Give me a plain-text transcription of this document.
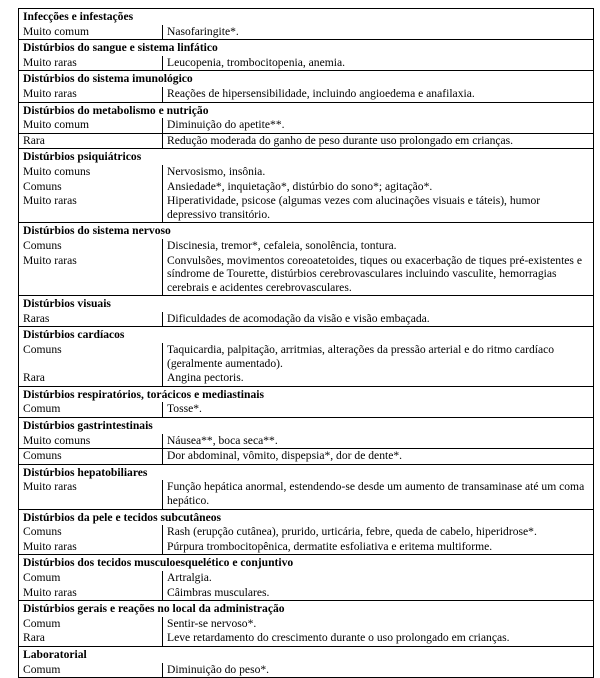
Infecções e infestações	
Muito comum	Nasofaringite*.
Distúrbios do sangue e sistema linfático	
Muito raras	Leucopenia, trombocitopenia, anemia.
Distúrbios do sistema imunológico	
Muito raras	Reações de hipersensibilidade, incluindo angioedema e anafilaxia.
Distúrbios do metabolismo e nutrição	
Muito comum	Diminuição do apetite**.
Rara	Redução moderada do ganho de peso durante uso prolongado em crianças.
Distúrbios psiquiátricos	
Muito comuns	Nervosismo, insônia.
Comuns	Ansiedade*, inquietação*, distúrbio do sono*; agitação*.
Muito raras	Hiperatividade, psicose (algumas vezes com alucinações visuais e táteis), humor depressivo transitório.
Distúrbios do sistema nervoso	
Comuns	Discinesia, tremor*, cefaleia, sonolência, tontura.
Muito raras	Convulsões, movimentos coreoatetoides, tiques ou exacerbação de tiques pré-existentes e síndrome de Tourette, distúrbios cerebrovasculares incluindo vasculite, hemorragias cerebrais e acidentes cerebrovasculares.
Distúrbios visuais	
Raras	Dificuldades de acomodação da visão e visão embaçada.
Distúrbios cardíacos	
Comuns	Taquicardia, palpitação, arritmias, alterações da pressão arterial e do ritmo cardíaco (geralmente aumentado).
Rara	Angina pectoris.
Distúrbios respiratórios, torácicos e mediastinais	
Comum	Tosse*.
Distúrbios gastrintestinais	
Muito comuns	Náusea**, boca seca**.
Comuns	Dor abdominal, vômito, dispepsia*, dor de dente*.
Distúrbios hepatobiliares	
Muito raras	Função hepática anormal, estendendo-se desde um aumento de transaminase até um coma hepático.
Distúrbios da pele e tecidos subcutâneos	
Comuns	Rash (erupção cutânea), prurido, urticária, febre, queda de cabelo, hiperidrose*.
Muito raras	Púrpura trombocitopênica, dermatite esfoliativa e eritema multiforme.
Distúrbios dos tecidos musculoesquelético e conjuntivo	
Comum	Artralgia.
Muito raras	Câimbras musculares.
Distúrbios gerais e reações no local da administração	
Comum	Sentir-se nervoso*.
Rara	Leve retardamento do crescimento durante o uso prolongado em crianças.
Laboratorial	
Comum	Diminuição do peso*.
